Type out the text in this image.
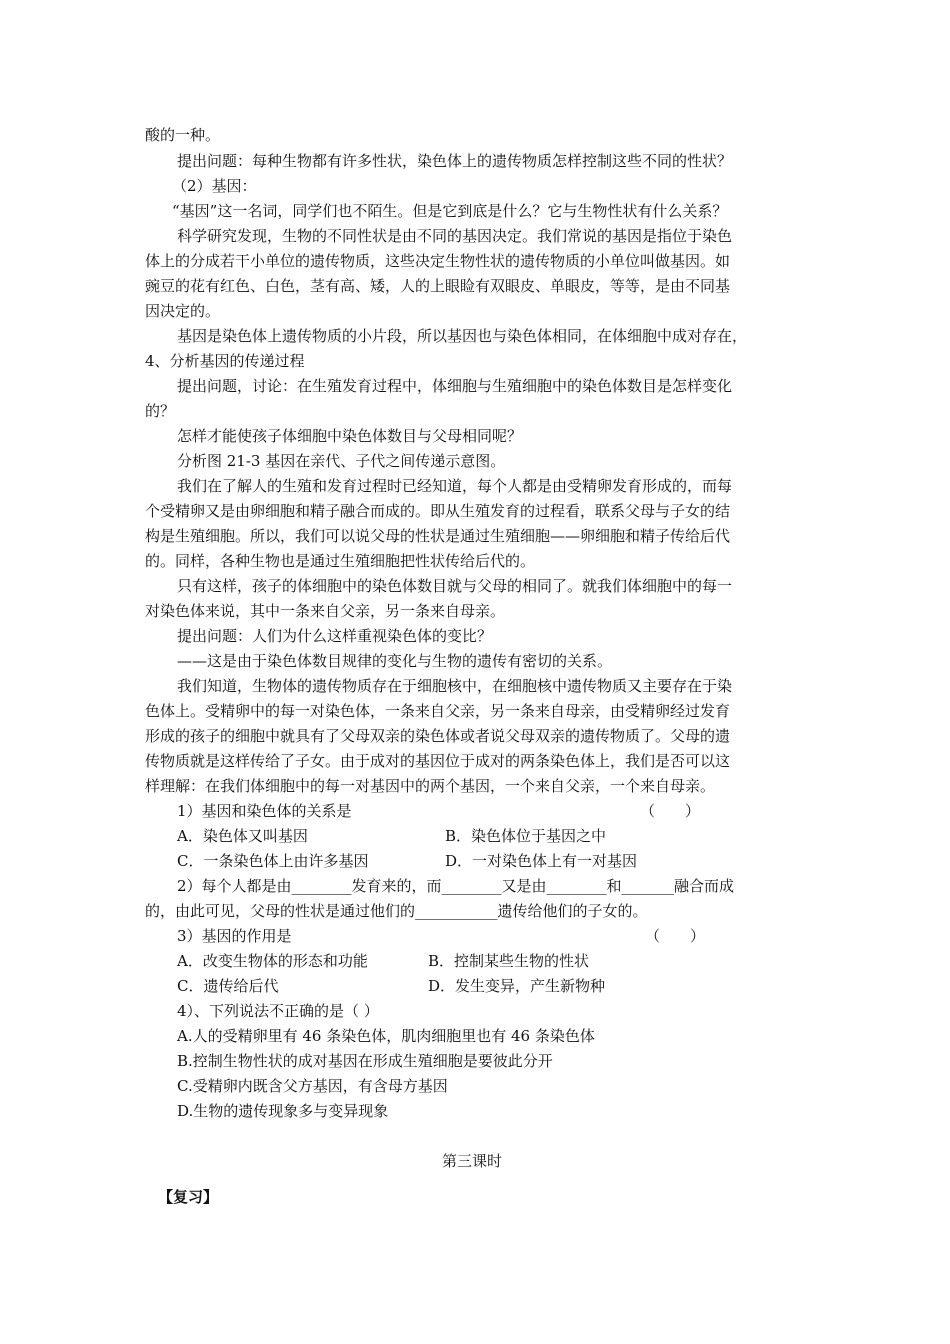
酸的一种。

提出问题：每种生物都有许多性状，染色体上的遗传物质怎样控制这些不同的性状？

（2）基因：

“基因”这一名词，同学们也不陌生。但是它到底是什么？它与生物性状有什么关系？

科学研究发现，生物的不同性状是由不同的基因决定。我们常说的基因是指位于染色

体上的分成若干小单位的遗传物质，这些决定生物性状的遗传物质的小单位叫做基因。如

豌豆的花有红色、白色，茎有高、矮，人的上眼睑有双眼皮、单眼皮，等等，是由不同基

因决定的。

基因是染色体上遗传物质的小片段，所以基因也与染色体相同，在体细胞中成对存在，

4、分析基因的传递过程

提出问题，讨论：在生殖发育过程中，体细胞与生殖细胞中的染色体数目是怎样变化

的？

怎样才能使孩子体细胞中染色体数目与父母相同呢？

分析图 21-3 基因在亲代、子代之间传递示意图。

我们在了解人的生殖和发育过程时已经知道，每个人都是由受精卵发育形成的，而每

个受精卵又是由卵细胞和精子融合而成的。即从生殖发育的过程看，联系父母与子女的结

构是生殖细胞。所以，我们可以说父母的性状是通过生殖细胞——卵细胞和精子传给后代

的。同样，各种生物也是通过生殖细胞把性状传给后代的。

只有这样，孩子的体细胞中的染色体数目就与父母的相同了。就我们体细胞中的每一

对染色体来说，其中一条来自父亲，另一条来自母亲。

提出问题：人们为什么这样重视染色体的变比？

——这是由于染色体数目规律的变化与生物的遗传有密切的关系。

我们知道，生物体的遗传物质存在于细胞核中，在细胞核中遗传物质又主要存在于染

色体上。受精卵中的每一对染色体，一条来自父亲，另一条来自母亲，由受精卵经过发育

形成的孩子的细胞中就具有了父母双亲的染色体或者说父母双亲的遗传物质了。父母的遗

传物质就是这样传给了子女。由于成对的基因位于成对的两条染色体上，我们是否可以这

样理解：在我们体细胞中的每一对基因中的两个基因，一个来自父亲，一个来自母亲。

1）基因和染色体的关系是	（　　）

A．染色体又叫基因	B．染色体位于基因之中

C．一条染色体上由许多基因	D．一对染色体上有一对基因

2）每个人都是由________发育来的，而________又是由________和_______融合而成

的，由此可见，父母的性状是通过他们的___________遗传给他们的子女的。

3）基因的作用是	（　　）

A．改变生物体的形态和功能	B．控制某些生物的性状

C．遗传给后代	D．发生变异，产生新物种

4）、下列说法不正确的是（ ）

A.人的受精卵里有 46 条染色体，肌肉细胞里也有 46 条染色体

B.控制生物性状的成对基因在形成生殖细胞是要彼此分开

C.受精卵内既含父方基因，有含母方基因

D.生物的遗传现象多与变异现象

第三课时

【复习】
